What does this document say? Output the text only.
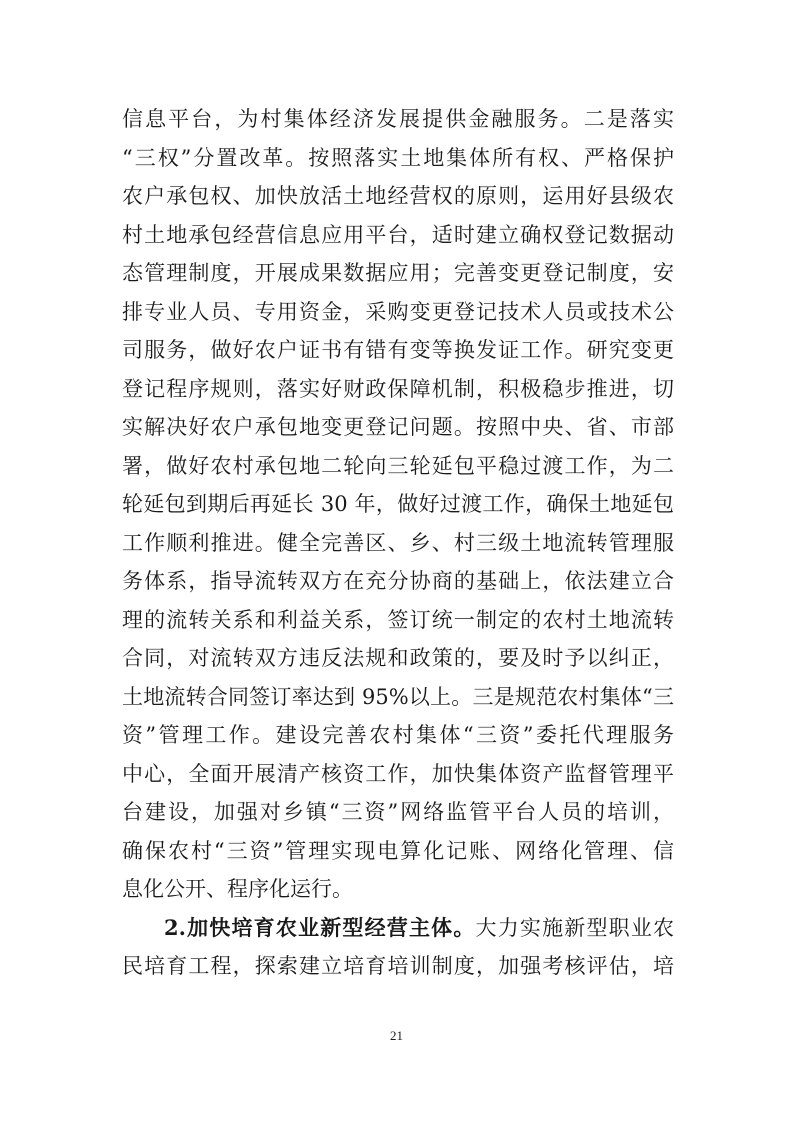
信息平台，为村集体经济发展提供金融服务。二是落实
“三权”分置改革。按照落实土地集体所有权、严格保护
农户承包权、加快放活土地经营权的原则，运用好县级农
村土地承包经营信息应用平台，适时建立确权登记数据动
态管理制度，开展成果数据应用；完善变更登记制度，安
排专业人员、专用资金，采购变更登记技术人员或技术公
司服务，做好农户证书有错有变等换发证工作。研究变更
登记程序规则，落实好财政保障机制，积极稳步推进，切
实解决好农户承包地变更登记问题。按照中央、省、市部
署，做好农村承包地二轮向三轮延包平稳过渡工作，为二
轮延包到期后再延长 30 年，做好过渡工作，确保土地延包
工作顺利推进。健全完善区、乡、村三级土地流转管理服
务体系，指导流转双方在充分协商的基础上，依法建立合
理的流转关系和利益关系，签订统一制定的农村土地流转
合同，对流转双方违反法规和政策的，要及时予以纠正，
土地流转合同签订率达到 95%以上。三是规范农村集体“三
资”管理工作。建设完善农村集体“三资”委托代理服务
中心，全面开展清产核资工作，加快集体资产监督管理平
台建设，加强对乡镇“三资”网络监管平台人员的培训，
确保农村“三资”管理实现电算化记账、网络化管理、信
息化公开、程序化运行。
2.加快培育农业新型经营主体。大力实施新型职业农
民培育工程，探索建立培育培训制度，加强考核评估，培
21
